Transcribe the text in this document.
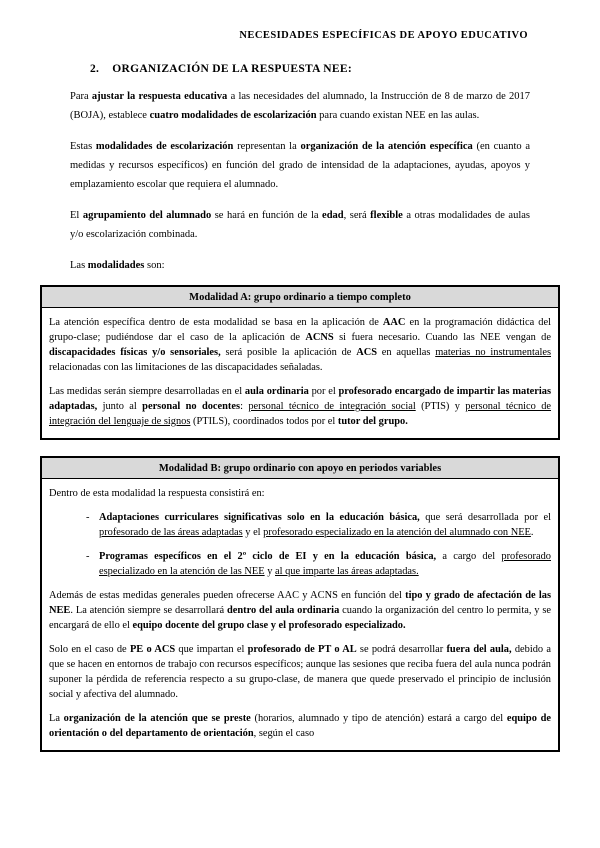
NECESIDADES ESPECÍFICAS DE APOYO EDUCATIVO
2. ORGANIZACIÓN DE LA RESPUESTA NEE:

Para ajustar la respuesta educativa a las necesidades del alumnado, la Instrucción de 8 de marzo de 2017 (BOJA), establece cuatro modalidades de escolarización para cuando existan NEE en las aulas.

Estas modalidades de escolarización representan la organización de la atención específica (en cuanto a medidas y recursos específicos) en función del grado de intensidad de la adaptaciones, ayudas, apoyos y emplazamiento escolar que requiera el alumnado.

El agrupamiento del alumnado se hará en función de la edad, será flexible a otras modalidades de aulas y/o escolarización combinada.

Las modalidades son:

Modalidad A: grupo ordinario a tiempo completo

La atención específica dentro de esta modalidad se basa en la aplicación de AAC en la programación didáctica del grupo-clase; pudiéndose dar el caso de la aplicación de ACNS si fuera necesario. Cuando las NEE vengan de discapacidades físicas y/o sensoriales, será posible la aplicación de ACS en aquellas materias no instrumentales relacionadas con las limitaciones de las discapacidades señaladas.

Las medidas serán siempre desarrolladas en el aula ordinaria por el profesorado encargado de impartir las materias adaptadas, junto al personal no docentes: personal técnico de integración social (PTIS) y personal técnico de integración del lenguaje de signos (PTILS), coordinados todos por el tutor del grupo.

Modalidad B: grupo ordinario con apoyo en periodos variables

Dentro de esta modalidad la respuesta consistirá en:

- Adaptaciones curriculares significativas solo en la educación básica, que será desarrollada por el profesorado de las áreas adaptadas y el profesorado especializado en la atención del alumnado con NEE.
- Programas específicos en el 2º ciclo de EI y en la educación básica, a cargo del profesorado especializado en la atención de las NEE y al que imparte las áreas adaptadas.

Además de estas medidas generales pueden ofrecerse AAC y ACNS en función del tipo y grado de afectación de las NEE. La atención siempre se desarrollará dentro del aula ordinaria cuando la organización del centro lo permita, y se encargará de ello el equipo docente del grupo clase y el profesorado especializado.

Solo en el caso de PE o ACS que impartan el profesorado de PT o AL se podrá desarrollar fuera del aula, debido a que se hacen en entornos de trabajo con recursos específicos; aunque las sesiones que reciba fuera del aula nunca podrán suponer la pérdida de referencia respecto a su grupo-clase, de manera que quede preservado el principio de inclusión social y afectiva del alumnado.

La organización de la atención que se preste (horarios, alumnado y tipo de atención) estará a cargo del equipo de orientación o del departamento de orientación, según el caso
